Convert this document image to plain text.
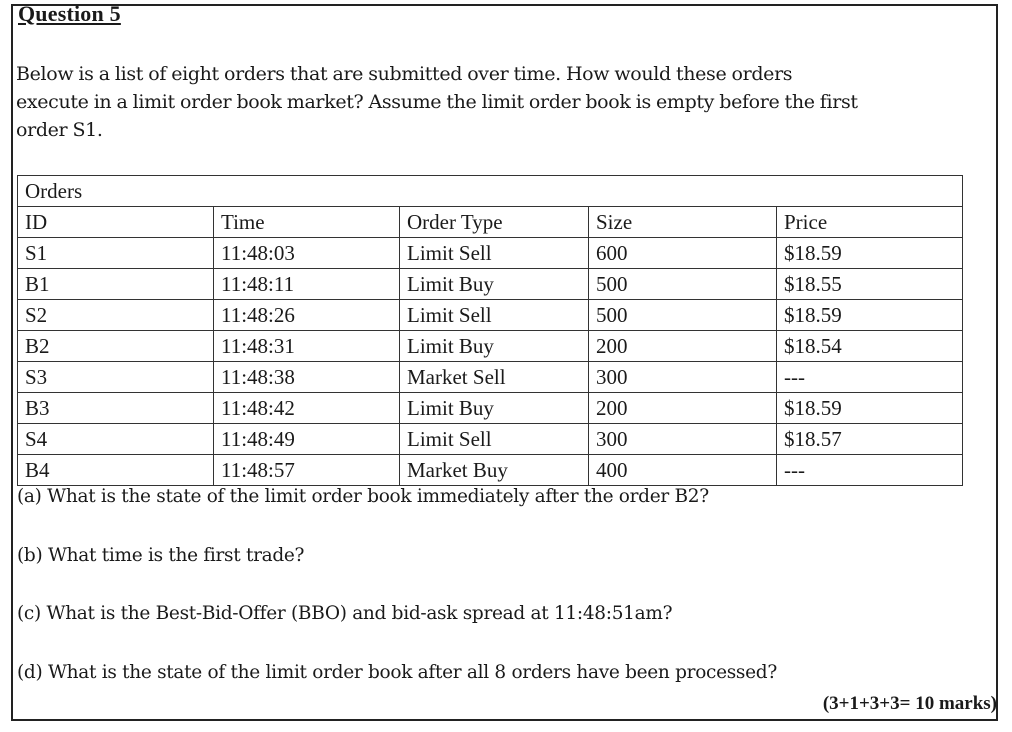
Question 5
Below is a list of eight orders that are submitted over time. How would these orders
execute in a limit order book market? Assume the limit order book is empty before the first
order S1.
Orders				
ID	Time	Order Type	Size	Price
S1	11:48:03	Limit Sell	600	$18.59
B1	11:48:11	Limit Buy	500	$18.55
S2	11:48:26	Limit Sell	500	$18.59
B2	11:48:31	Limit Buy	200	$18.54
S3	11:48:38	Market Sell	300	---
B3	11:48:42	Limit Buy	200	$18.59
S4	11:48:49	Limit Sell	300	$18.57
B4	11:48:57	Market Buy	400	---
(a) What is the state of the limit order book immediately after the order B2?
(b) What time is the first trade?
(c) What is the Best-Bid-Offer (BBO) and bid-ask spread at 11:48:51am?
(d) What is the state of the limit order book after all 8 orders have been processed?
(3+1+3+3= 10 marks)
